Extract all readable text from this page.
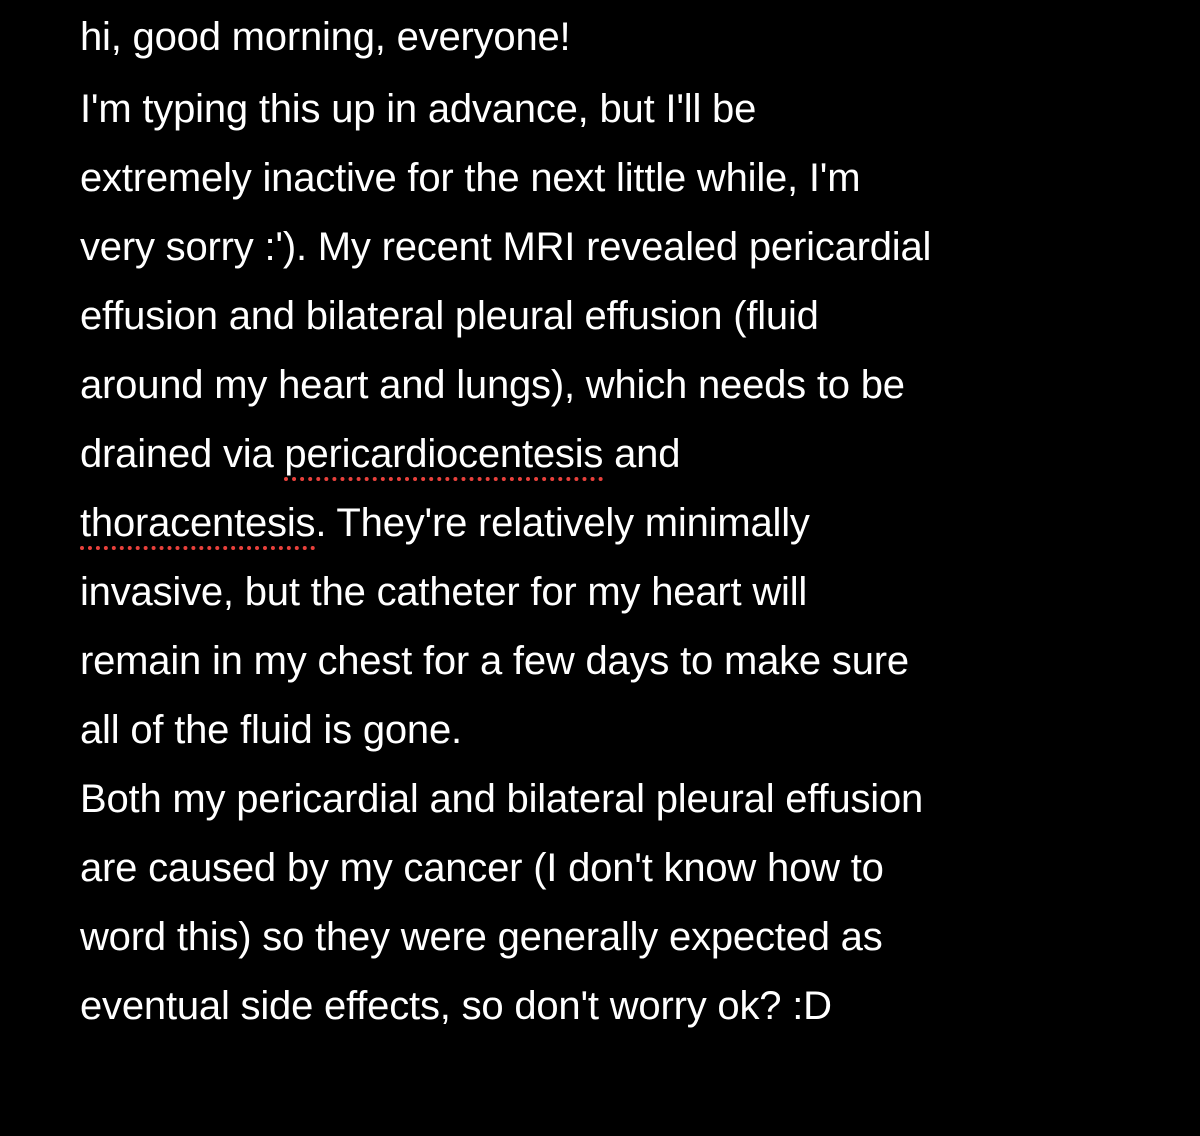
hi, good morning, everyone!
I'm typing this up in advance, but I'll be
extremely inactive for the next little while, I'm
very sorry :'). My recent MRI revealed pericardial
effusion and bilateral pleural effusion (fluid
around my heart and lungs), which needs to be
drained via pericardiocentesis and
thoracentesis. They're relatively minimally
invasive, but the catheter for my heart will
remain in my chest for a few days to make sure
all of the fluid is gone.
Both my pericardial and bilateral pleural effusion
are caused by my cancer (I don't know how to
word this) so they were generally expected as
eventual side effects, so don't worry ok? :D
